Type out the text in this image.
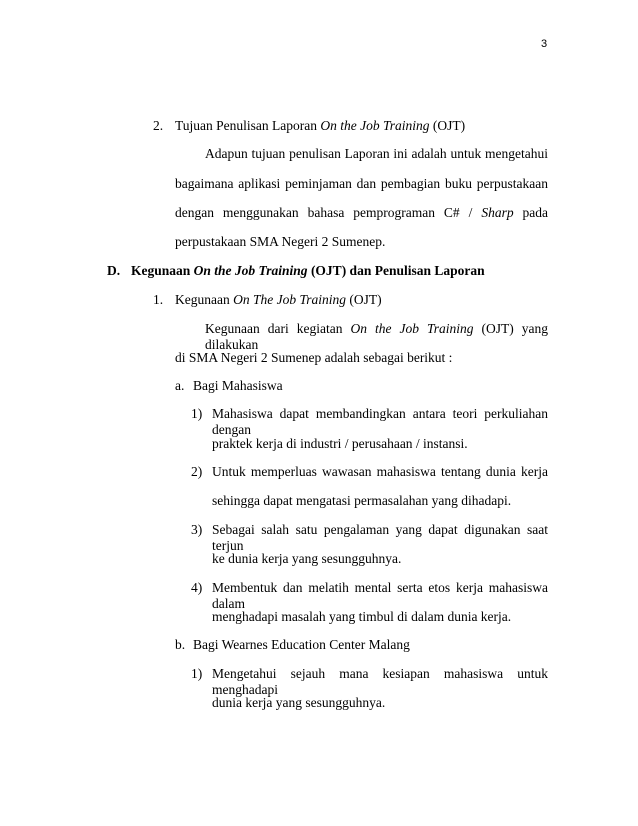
3
2. Tujuan Penulisan Laporan On the Job Training (OJT)
Adapun tujuan penulisan Laporan ini adalah untuk mengetahui
bagaimana aplikasi peminjaman dan pembagian buku perpustakaan
dengan menggunakan bahasa pemprograman C# / Sharp pada
perpustakaan SMA Negeri 2 Sumenep.
D. Kegunaan On the Job Training (OJT) dan Penulisan Laporan
1. Kegunaan On The Job Training (OJT)
Kegunaan dari kegiatan On the Job Training (OJT) yang dilakukan
di SMA Negeri 2 Sumenep adalah sebagai berikut :
a. Bagi Mahasiswa
1) Mahasiswa dapat membandingkan antara teori perkuliahan dengan
praktek kerja di industri / perusahaan / instansi.
2) Untuk memperluas wawasan mahasiswa tentang dunia kerja
sehingga dapat mengatasi permasalahan yang dihadapi.
3) Sebagai salah satu pengalaman yang dapat digunakan saat terjun
ke dunia kerja yang sesungguhnya.
4) Membentuk dan melatih mental serta etos kerja mahasiswa dalam
menghadapi masalah yang timbul di dalam dunia kerja.
b. Bagi Wearnes Education Center Malang
1) Mengetahui sejauh mana kesiapan mahasiswa untuk menghadapi
dunia kerja yang sesungguhnya.
